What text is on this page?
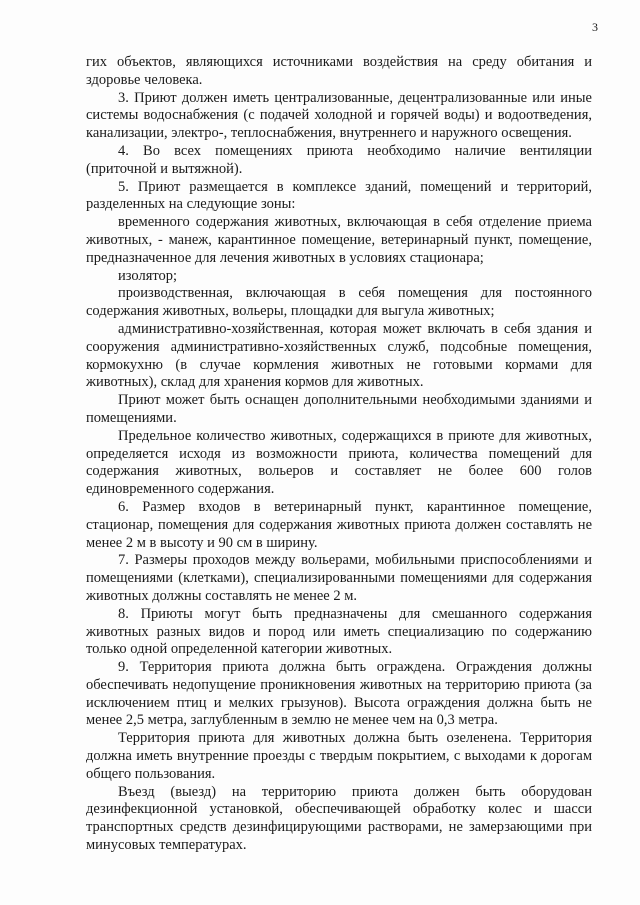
3

гих объектов, являющихся источниками воздействия на среду обитания и здоровье человека.

3. Приют должен иметь централизованные, децентрализованные или иные системы водоснабжения (с подачей холодной и горячей воды) и водоотведения, канализации, электро-, теплоснабжения, внутреннего и наружного освещения.

4. Во всех помещениях приюта необходимо наличие вентиляции (приточной и вытяжной).

5. Приют размещается в комплексе зданий, помещений и территорий, разделенных на следующие зоны:

временного содержания животных, включающая в себя отделение приема животных, - манеж, карантинное помещение, ветеринарный пункт, помещение, предназначенное для лечения животных в условиях стационара;

изолятор;

производственная, включающая в себя помещения для постоянного содержания животных, вольеры, площадки для выгула животных;

административно-хозяйственная, которая может включать в себя здания и сооружения административно-хозяйственных служб, подсобные помещения, кормокухню (в случае кормления животных не готовыми кормами для животных), склад для хранения кормов для животных.

Приют может быть оснащен дополнительными необходимыми зданиями и помещениями.

Предельное количество животных, содержащихся в приюте для животных, определяется исходя из возможности приюта, количества помещений для содержания животных, вольеров и составляет не более 600 голов единовременного содержания.

6. Размер входов в ветеринарный пункт, карантинное помещение, стационар, помещения для содержания животных приюта должен составлять не менее 2 м в высоту и 90 см в ширину.

7. Размеры проходов между вольерами, мобильными приспособлениями и помещениями (клетками), специализированными помещениями для содержания животных должны составлять не менее 2 м.

8. Приюты могут быть предназначены для смешанного содержания животных разных видов и пород или иметь специализацию по содержанию только одной определенной категории животных.

9. Территория приюта должна быть ограждена. Ограждения должны обеспечивать недопущение проникновения животных на территорию приюта (за исключением птиц и мелких грызунов). Высота ограждения должна быть не менее 2,5 метра, заглубленным в землю не менее чем на 0,3 метра.

Территория приюта для животных должна быть озеленена. Территория должна иметь внутренние проезды с твердым покрытием, с выходами к дорогам общего пользования.

Въезд (выезд) на территорию приюта должен быть оборудован дезинфекционной установкой, обеспечивающей обработку колес и шасси транспортных средств дезинфицирующими растворами, не замерзающими при минусовых температурах.
